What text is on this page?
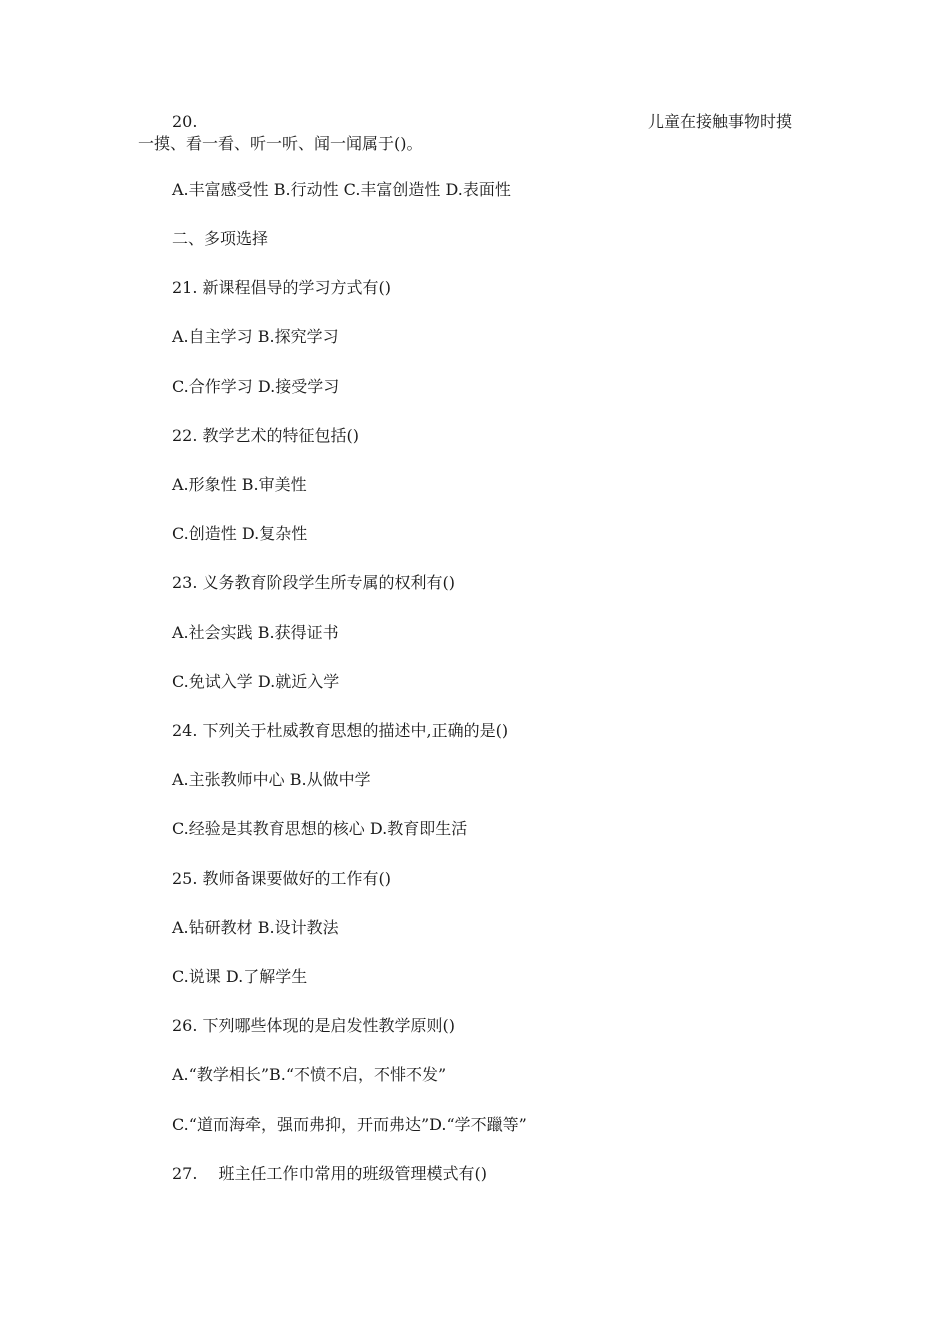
20.	儿童在接触事物时摸
一摸、看一看、听一听、闻一闻属于()。
A.丰富感受性 B.行动性 C.丰富创造性 D.表面性
二、多项选择
21. 新课程倡导的学习方式有()
A.自主学习 B.探究学习
C.合作学习 D.接受学习
22. 教学艺术的特征包括()
A.形象性 B.审美性
C.创造性 D.复杂性
23. 义务教育阶段学生所专属的权利有()
A.社会实践 B.获得证书
C.免试入学 D.就近入学
24. 下列关于杜威教育思想的描述中,正确的是()
A.主张教师中心 B.从做中学
C.经验是其教育思想的核心 D.教育即生活
25. 教师备课要做好的工作有()
A.钻研教材 B.设计教法
C.说课 D.了解学生
26. 下列哪些体现的是启发性教学原则()
A.“教学相长”B.“不愤不启，不悱不发”
C.“道而海牵，强而弗抑，开而弗达”D.“学不躐等”
27.　 班主任工作巾常用的班级管理模式有()
